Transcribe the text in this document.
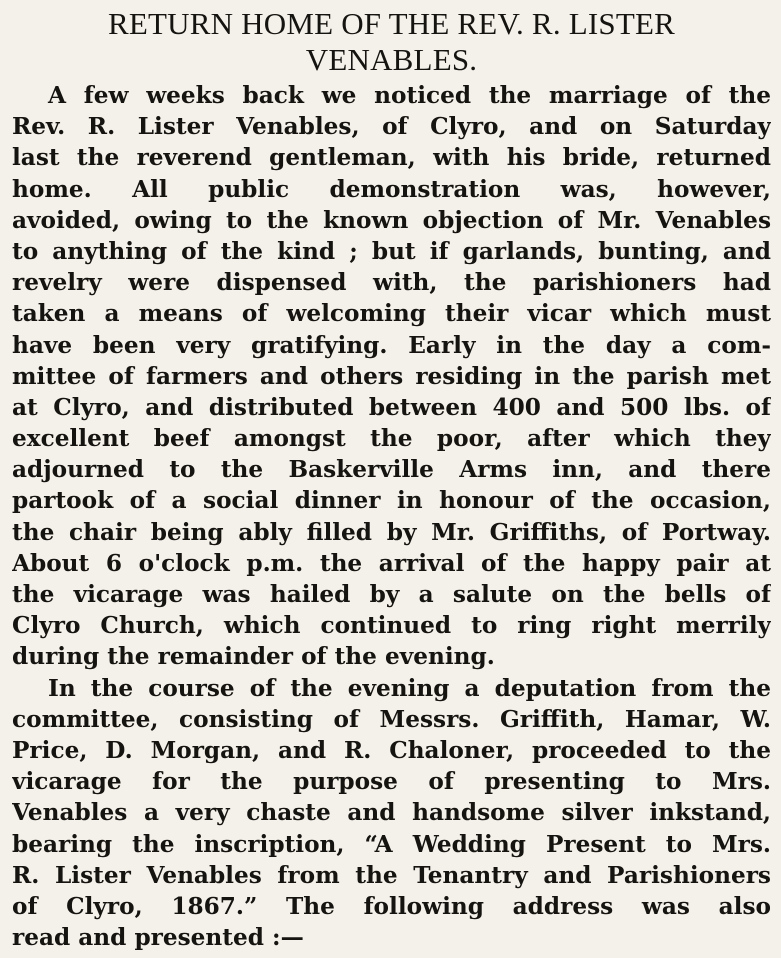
RETURN HOME OF THE REV. R. LISTER
VENABLES.
A few weeks back we noticed the marriage of the
Rev. R. Lister Venables, of Clyro, and on Saturday
last the reverend gentleman, with his bride, returned
home. All public demonstration was, however,
avoided, owing to the known objection of Mr. Venables
to anything of the kind ; but if garlands, bunting, and
revelry were dispensed with, the parishioners had
taken a means of welcoming their vicar which must
have been very gratifying. Early in the day a com-
mittee of farmers and others residing in the parish met
at Clyro, and distributed between 400 and 500 lbs. of
excellent beef amongst the poor, after which they
adjourned to the Baskerville Arms inn, and there
partook of a social dinner in honour of the occasion,
the chair being ably filled by Mr. Griffiths, of Portway.
About 6 o'clock p.m. the arrival of the happy pair at
the vicarage was hailed by a salute on the bells of
Clyro Church, which continued to ring right merrily
during the remainder of the evening.
In the course of the evening a deputation from the
committee, consisting of Messrs. Griffith, Hamar, W.
Price, D. Morgan, and R. Chaloner, proceeded to the
vicarage for the purpose of presenting to Mrs.
Venables a very chaste and handsome silver inkstand,
bearing the inscription, “A Wedding Present to Mrs.
R. Lister Venables from the Tenantry and Parishioners
of Clyro, 1867.” The following address was also
read and presented :—
